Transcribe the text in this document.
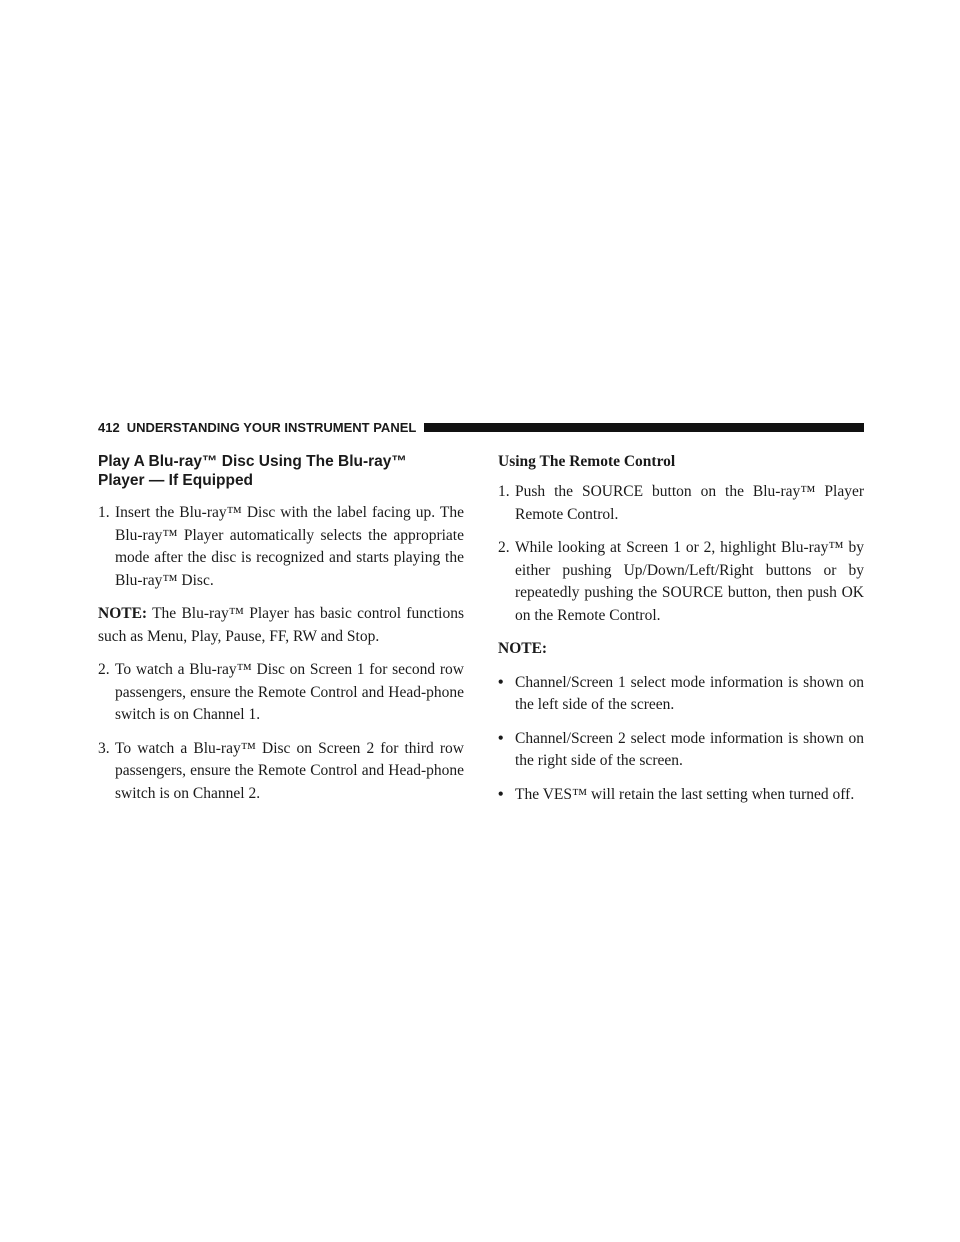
412 UNDERSTANDING YOUR INSTRUMENT PANEL
Play A Blu-ray™ Disc Using The Blu-ray™
Player — If Equipped
1. Insert the Blu-ray™ Disc with the label facing up. The Blu-ray™ Player automatically selects the appropriate mode after the disc is recognized and starts playing the Blu-ray™ Disc.

NOTE: The Blu-ray™ Player has basic control functions such as Menu, Play, Pause, FF, RW and Stop.

2. To watch a Blu-ray™ Disc on Screen 1 for second row passengers, ensure the Remote Control and Head-phone switch is on Channel 1.
3. To watch a Blu-ray™ Disc on Screen 2 for third row passengers, ensure the Remote Control and Head-phone switch is on Channel 2.
Using The Remote Control
1. Push the SOURCE button on the Blu-ray™ Player Remote Control.
2. While looking at Screen 1 or 2, highlight Blu-ray™ by either pushing Up/Down/Left/Right buttons or by repeatedly pushing the SOURCE button, then push OK on the Remote Control.

NOTE:

• Channel/Screen 1 select mode information is shown on the left side of the screen.
• Channel/Screen 2 select mode information is shown on the right side of the screen.
• The VES™ will retain the last setting when turned off.
